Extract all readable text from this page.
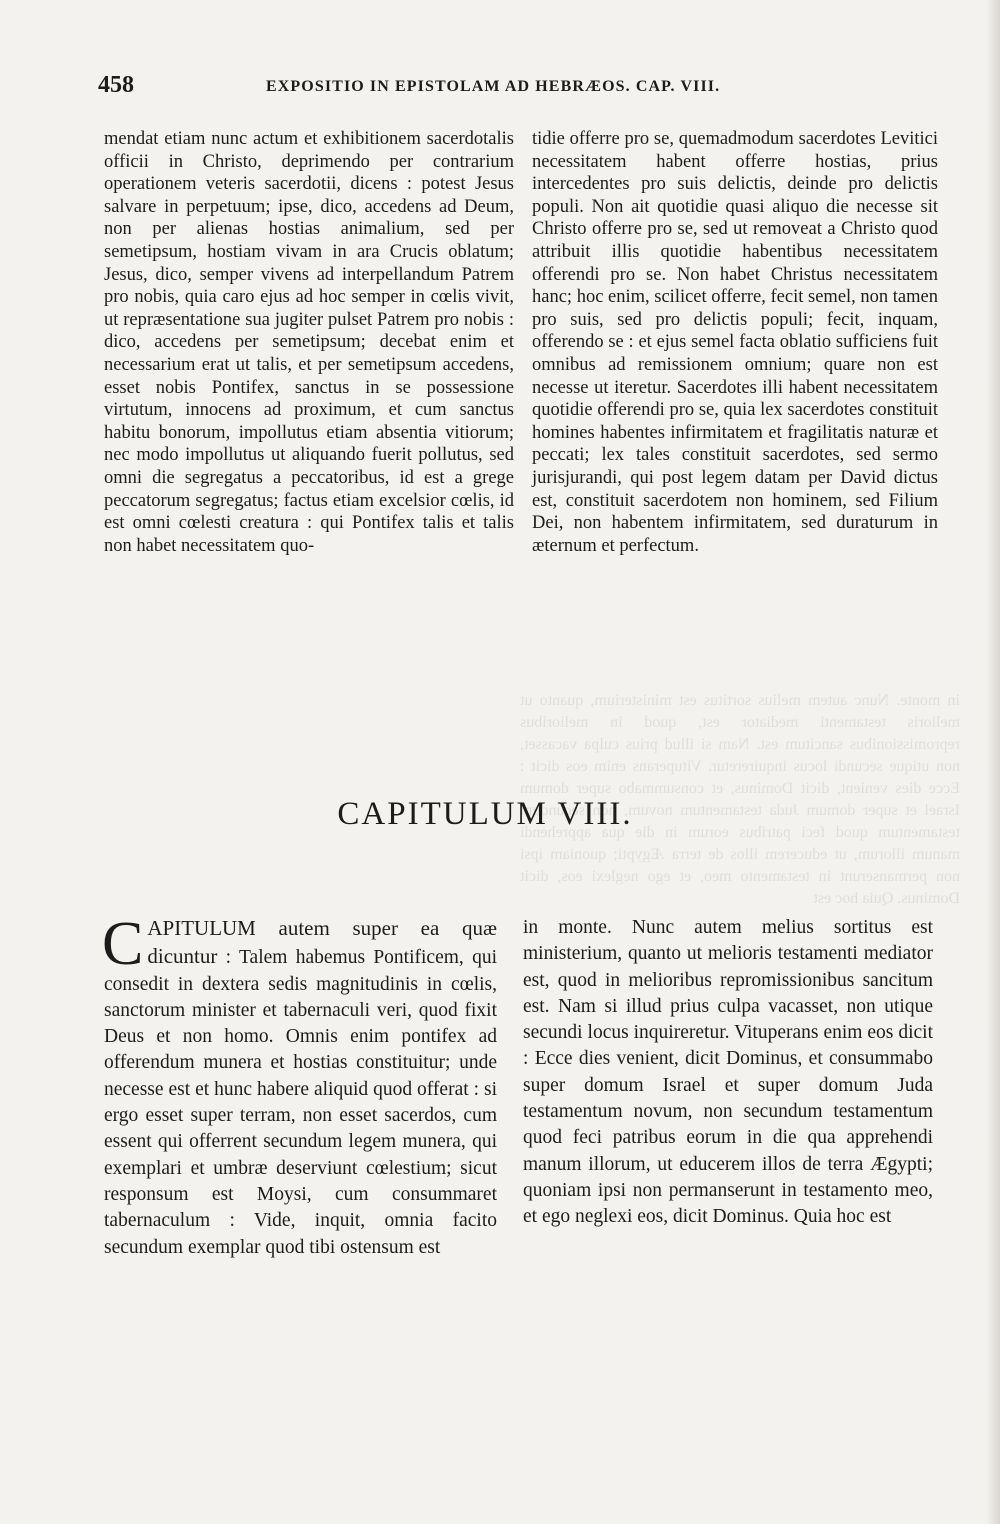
458	EXPOSITIO IN EPISTOLAM AD HEBRÆOS. CAP. VIII.

mendat etiam nunc actum et exhibitionem sacerdotalis officii in Christo, deprimendo per contrarium operationem veteris sacerdotii, dicens : potest Jesus salvare in perpetuum; ipse, dico, accedens ad Deum, non per alienas hostias animalium, sed per semetipsum, hostiam vivam in ara Crucis oblatum; Jesus, dico, semper vivens ad interpellandum Patrem pro nobis, quia caro ejus ad hoc semper in cœlis vivit, ut repræsentatione sua jugiter pulset Patrem pro nobis : dico, accedens per semetipsum; decebat enim et necessarium erat ut talis, et per semetipsum accedens, esset nobis Pontifex, sanctus in se possessione virtutum, innocens ad proximum, et cum sanctus habitu bonorum, impollutus etiam absentia vitiorum; nec modo impollutus ut aliquando fuerit pollutus, sed omni die segregatus a peccatoribus, id est a grege peccatorum segregatus; factus etiam excelsior cœlis, id est omni cœlesti creatura : qui Pontifex talis et talis non habet necessitatem quo-

tidie offerre pro se, quemadmodum sacerdotes Levitici necessitatem habent offerre hostias, prius intercedentes pro suis delictis, deinde pro delictis populi. Non ait quotidie quasi aliquo die necesse sit Christo offerre pro se, sed ut removeat a Christo quod attribuit illis quotidie habentibus necessitatem offerendi pro se. Non habet Christus necessitatem hanc; hoc enim, scilicet offerre, fecit semel, non tamen pro suis, sed pro delictis populi; fecit, inquam, offerendo se : et ejus semel facta oblatio sufficiens fuit omnibus ad remissionem omnium; quare non est necesse ut iteretur. Sacerdotes illi habent necessitatem quotidie offerendi pro se, quia lex sacerdotes constituit homines habentes infirmitatem et fragilitatis naturæ et peccati; lex tales constituit sacerdotes, sed sermo jurisjurandi, qui post legem datam per David dictus est, constituit sacerdotem non hominem, sed Filium Dei, non habentem infirmitatem, sed duraturum in æternum et perfectum.

in monte. Nunc autem melius sortitus est ministerium, quanto ut melioris testamenti mediator est, quod in melioribus repromissionibus sancitum est. Nam si illud prius culpa vacasset, non utique secundi locus inquireretur. Vituperans enim eos dicit : Ecce dies venient, dicit Dominus, et consummabo super domum Israel et super domum Juda testamentum novum, non secundum testamentum quod feci patribus eorum in die qua apprehendi manum illorum, ut educerem illos de terra Ægypti; quoniam ipsi non permanserunt in testamento meo, et ego neglexi eos, dicit Dominus. Quia hoc est
CAPITULUM VIII.

CAPITULUM autem super ea quæ dicuntur : Talem habemus Pontificem, qui consedit in dextera sedis magnitudinis in cœlis, sanctorum minister et tabernaculi veri, quod fixit Deus et non homo. Omnis enim pontifex ad offerendum munera et hostias constituitur; unde necesse est et hunc habere aliquid quod offerat : si ergo esset super terram, non esset sacerdos, cum essent qui offerrent secundum legem munera, qui exemplari et umbræ deserviunt cœlestium; sicut responsum est Moysi, cum consummaret tabernaculum : Vide, inquit, omnia facito secundum exemplar quod tibi ostensum est

in monte. Nunc autem melius sortitus est ministerium, quanto ut melioris testamenti mediator est, quod in melioribus repromissionibus sancitum est. Nam si illud prius culpa vacasset, non utique secundi locus inquireretur. Vituperans enim eos dicit : Ecce dies venient, dicit Dominus, et consummabo super domum Israel et super domum Juda testamentum novum, non secundum testamentum quod feci patribus eorum in die qua apprehendi manum illorum, ut educerem illos de terra Ægypti; quoniam ipsi non permanserunt in testamento meo, et ego neglexi eos, dicit Dominus. Quia hoc est
